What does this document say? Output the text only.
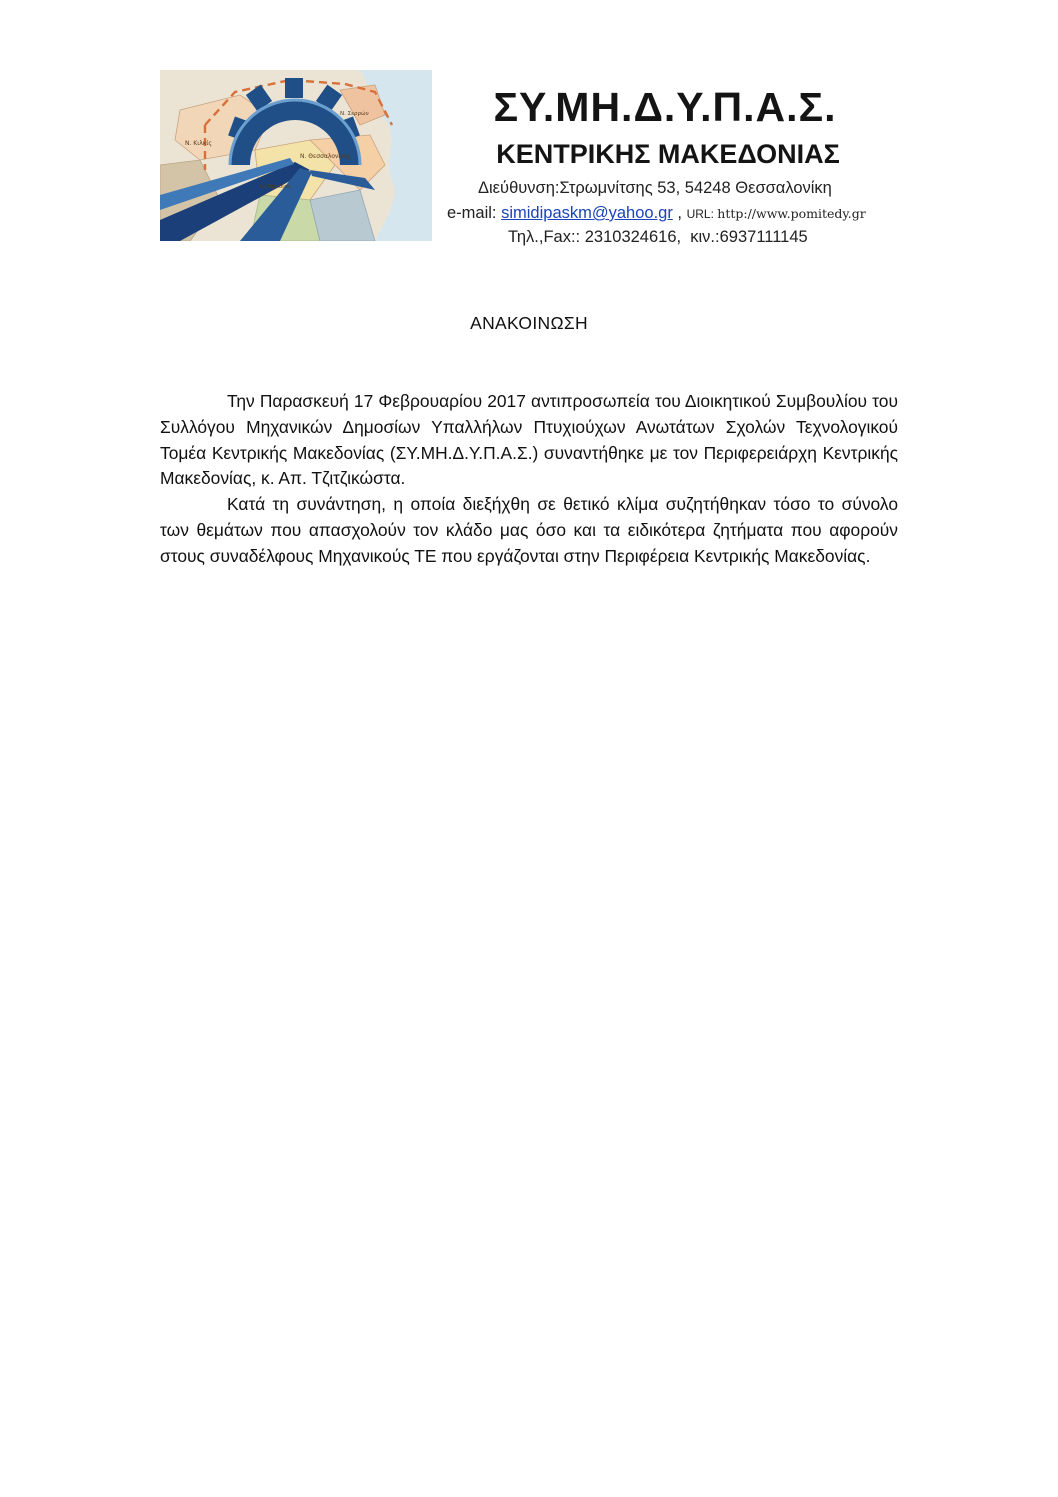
Ν. Θεσσαλονίκης
Ν. Κιλκίς
Ν. Σερρών
Ν. Ημαθίας
ΣΥ.ΜΗ.Δ.Υ.Π.Α.Σ.
ΚΕΝΤΡΙΚΗΣ ΜΑΚΕΔΟΝΙΑΣ
Διεύθυνση:Στρωμνίτσης 53, 54248 Θεσσαλονίκη
e-mail: simidipaskm@yahoo.gr , URL: http://www.pomitedy.gr
Τηλ.,Fax:: 2310324616,  κιν.:6937111145
ΑΝΑΚΟΙΝΩΣΗ

Την Παρασκευή 17 Φεβρουαρίου 2017 αντιπροσωπεία του Διοικητικού Συμβουλίου του Συλλόγου Μηχανικών Δημοσίων Υπαλλήλων Πτυχιούχων Ανωτάτων Σχολών Τεχνολογικού Τομέα Κεντρικής Μακεδονίας (ΣΥ.ΜΗ.Δ.Υ.Π.Α.Σ.) συναντήθηκε με τον Περιφερειάρχη Κεντρικής Μακεδονίας, κ. Απ. Τζιτζικώστα.

Κατά τη συνάντηση, η οποία διεξήχθη σε θετικό κλίμα συζητήθηκαν τόσο το σύνολο των θεμάτων που απασχολούν τον κλάδο μας όσο και τα ειδικότερα ζητήματα που αφορούν στους συναδέλφους Μηχανικούς ΤΕ που εργάζονται στην Περιφέρεια Κεντρικής Μακεδονίας.
